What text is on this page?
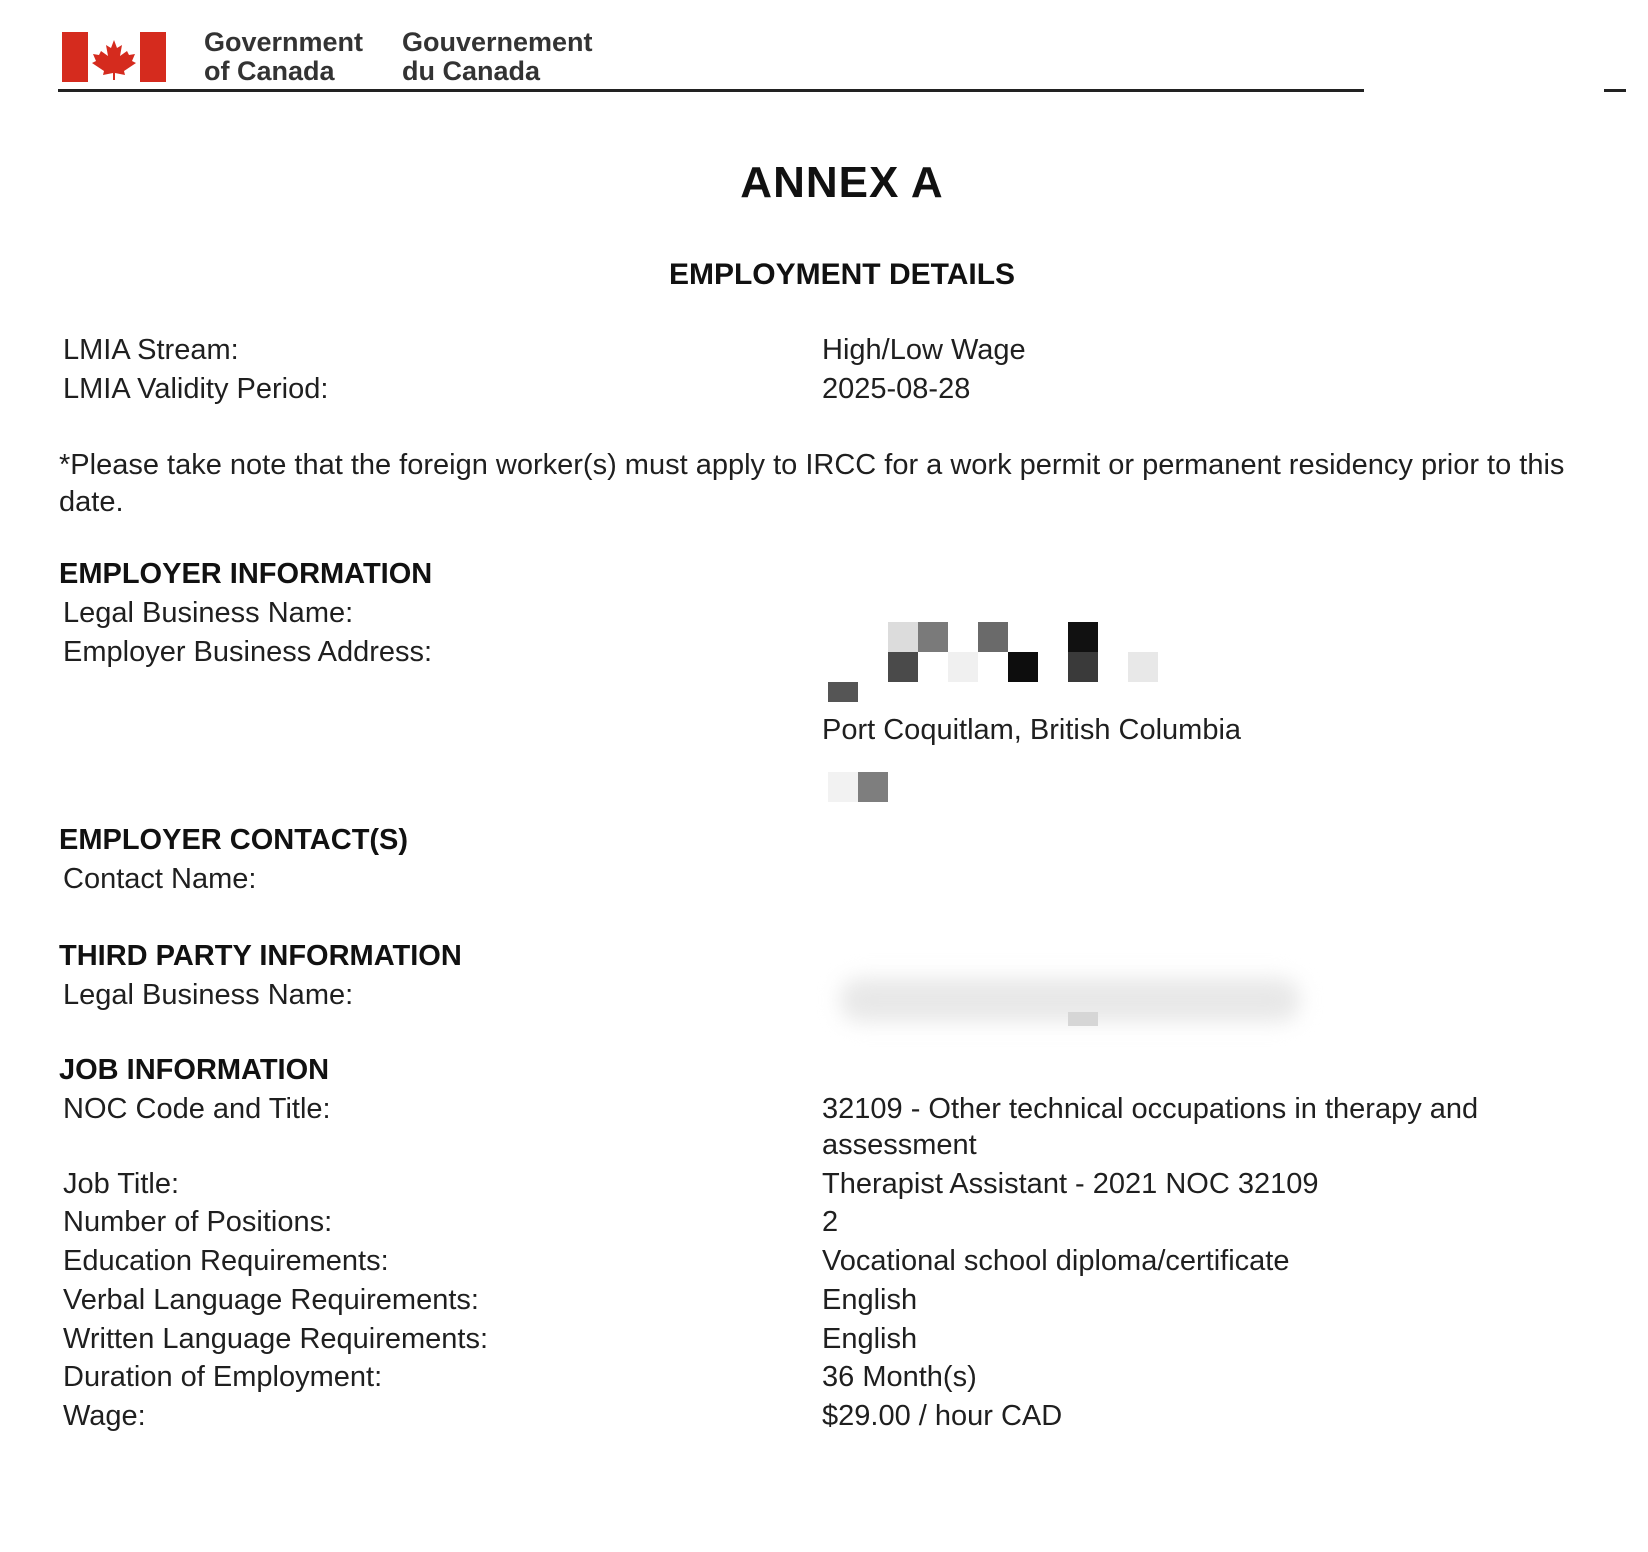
Government
of Canada
Gouvernement
du Canada
ANNEX A
EMPLOYMENT DETAILS
LMIA Stream:	High/Low Wage
LMIA Validity Period:	2025-08-28
*Please take note that the foreign worker(s) must apply to IRCC for a work permit or permanent residency prior to this date.
EMPLOYER INFORMATION
Legal Business Name:
Employer Business Address:
Port Coquitlam, British Columbia
EMPLOYER CONTACT(S)
Contact Name:
THIRD PARTY INFORMATION
Legal Business Name:
JOB INFORMATION
NOC Code and Title:	32109 - Other technical occupations in therapy and assessment
Job Title:	Therapist Assistant - 2021 NOC 32109
Number of Positions:	2
Education Requirements:	Vocational school diploma/certificate
Verbal Language Requirements:	English
Written Language Requirements:	English
Duration of Employment:	36 Month(s)
Wage:	$29.00 / hour CAD
